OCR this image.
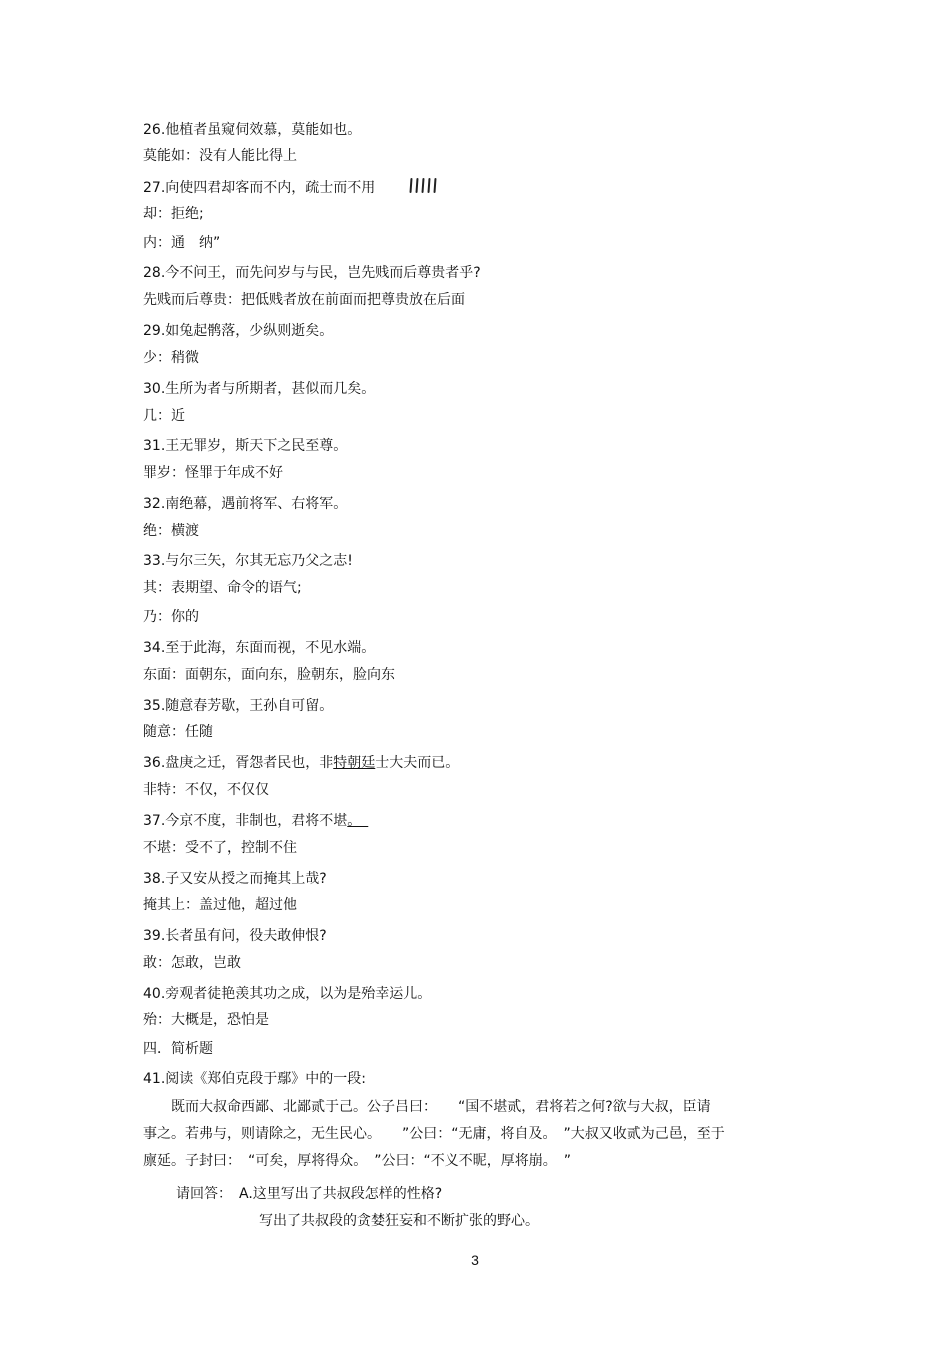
26.他植者虽窥伺效慕，莫能如也。
莫能如：没有人能比得上
27.向使四君却客而不内，疏士而不用
却：拒绝;
内：通　纳”
28.今不问王，而先问岁与与民，岂先贱而后尊贵者乎?
先贱而后尊贵：把低贱者放在前面而把尊贵放在后面
29.如兔起鹘落，少纵则逝矣。
少：稍微
30.生所为者与所期者，甚似而几矣。
几：近
31.王无罪岁，斯天下之民至尊。
罪岁：怪罪于年成不好
32.南绝幕，遇前将军、右将军。
绝：横渡
33.与尔三矢，尔其无忘乃父之志!
其：表期望、命令的语气;
乃：你的
34.至于此海，东面而视，不见水端。
东面：面朝东，面向东，脸朝东，脸向东
35.随意春芳歇，王孙自可留。
随意：任随
36.盘庚之迁，胥怨者民也，非特朝廷士大夫而已。
非特：不仅，不仅仅
37.今京不度，非制也，君将不堪。　
不堪：受不了，控制不住
38.子又安从授之而掩其上哉?
掩其上：盖过他，超过他
39.长者虽有问，役夫敢伸恨?
敢：怎敢，岂敢
40.旁观者徒艳羡其功之成，以为是殆幸运儿。
殆：大概是，恐怕是
四．简析题
41.阅读《郑伯克段于鄢》中的一段:
　　既而大叔命西鄙、北鄙贰于己。公子吕曰：　　“国不堪贰，君将若之何?欲与大叔，臣请
事之。若弗与，则请除之，无生民心。　　”公曰：“无庸，将自及。　”大叔又收贰为己邑，至于
廪延。子封曰：　“可矣，厚将得众。　”公曰：“不义不昵，厚将崩。　”
请回答：　A.这里写出了共叔段怎样的性格?
写出了共叔段的贪婪狂妄和不断扩张的野心。
3
